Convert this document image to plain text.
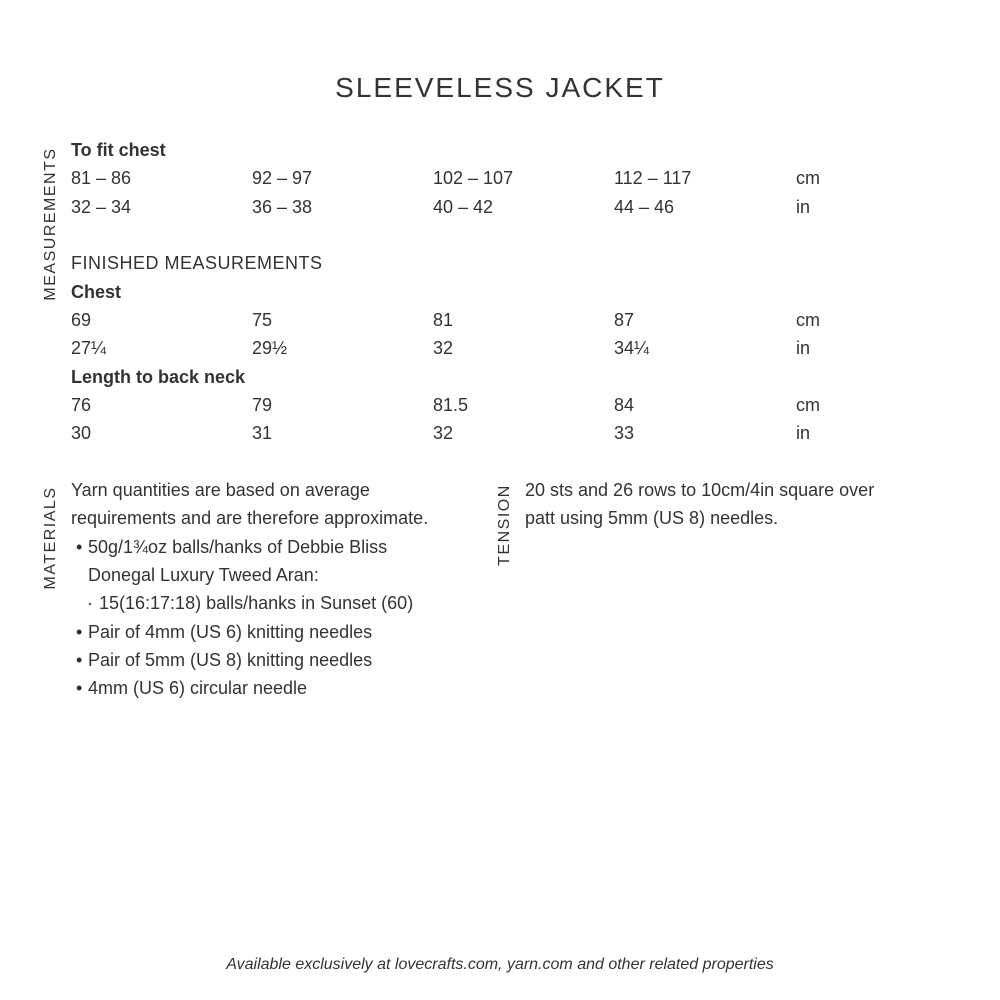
SLEEVELESS JACKET
MEASUREMENTS To fit chest
81 – 86	92 – 97	102 – 107	112 – 117	cm
32 – 34	36 – 38	40 – 42	44 – 46	in
FINISHED MEASUREMENTS
Chest
69	75	81	87	cm
27¼	29½	32	34¼	in
Length to back neck
76	79	81.5	84	cm
30	31	32	33	in
MATERIALS Yarn quantities are based on average
requirements and are therefore approximate.
• 50g/1¾oz balls/hanks of Debbie Bliss
Donegal Luxury Tweed Aran:
· 15(16:17:18) balls/hanks in Sunset (60)
• Pair of 4mm (US 6) knitting needles
• Pair of 5mm (US 8) knitting needles
• 4mm (US 6) circular needle
TENSION 20 sts and 26 rows to 10cm/4in square over
patt using 5mm (US 8) needles.
Available exclusively at lovecrafts.com, yarn.com and other related properties
